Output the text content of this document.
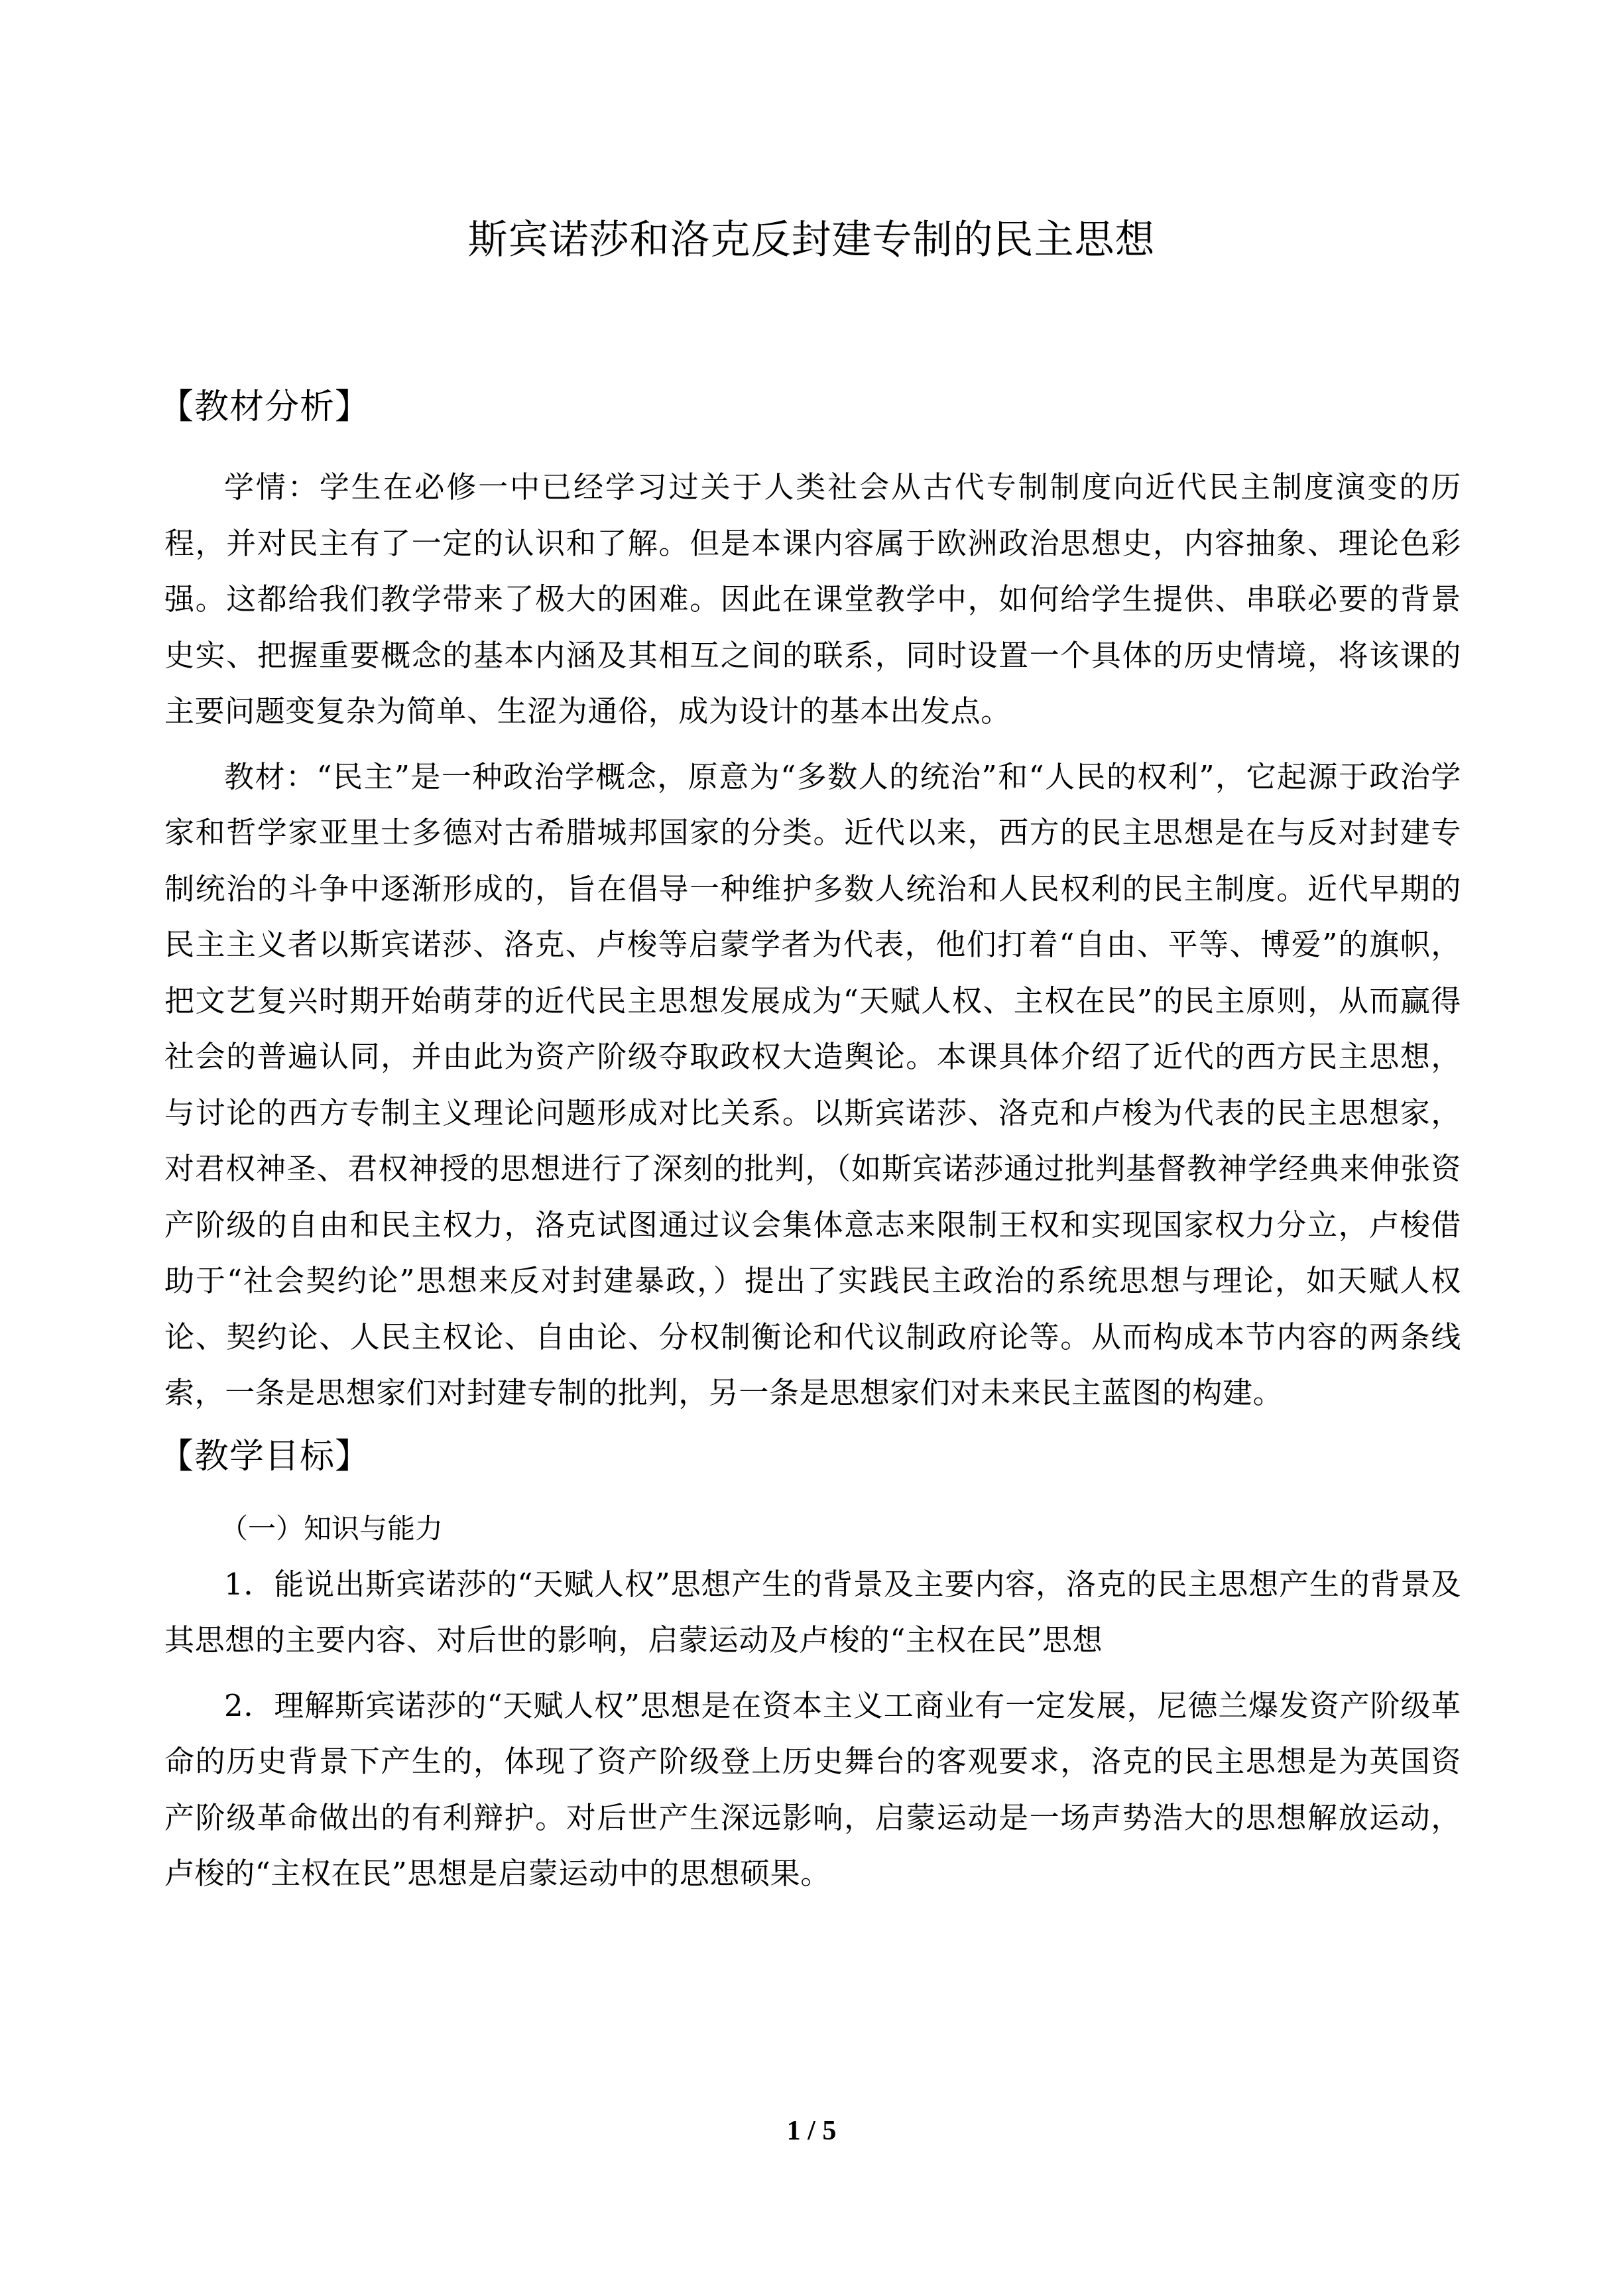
斯宾诺莎和洛克反封建专制的民主思想
【教材分析】

学情：学生在必修一中已经学习过关于人类社会从古代专制制度向近代民主制度演变的历程，并对民主有了一定的认识和了解。但是本课内容属于欧洲政治思想史，内容抽象、理论色彩强。这都给我们教学带来了极大的困难。因此在课堂教学中，如何给学生提供、串联必要的背景史实、把握重要概念的基本内涵及其相互之间的联系，同时设置一个具体的历史情境，将该课的主要问题变复杂为简单、生涩为通俗，成为设计的基本出发点。

教材：“民主”是一种政治学概念，原意为“多数人的统治”和“人民的权利”，它起源于政治学家和哲学家亚里士多德对古希腊城邦国家的分类。近代以来，西方的民主思想是在与反对封建专制统治的斗争中逐渐形成的，旨在倡导一种维护多数人统治和人民权利的民主制度。近代早期的民主主义者以斯宾诺莎、洛克、卢梭等启蒙学者为代表，他们打着“自由、平等、博爱”的旗帜，把文艺复兴时期开始萌芽的近代民主思想发展成为“天赋人权、主权在民”的民主原则，从而赢得社会的普遍认同，并由此为资产阶级夺取政权大造舆论。本课具体介绍了近代的西方民主思想，与讨论的西方专制主义理论问题形成对比关系。以斯宾诺莎、洛克和卢梭为代表的民主思想家，对君权神圣、君权神授的思想进行了深刻的批判，（如斯宾诺莎通过批判基督教神学经典来伸张资产阶级的自由和民主权力，洛克试图通过议会集体意志来限制王权和实现国家权力分立，卢梭借助于“社会契约论”思想来反对封建暴政，）提出了实践民主政治的系统思想与理论，如天赋人权论、契约论、人民主权论、自由论、分权制衡论和代议制政府论等。从而构成本节内容的两条线索，一条是思想家们对封建专制的批判，另一条是思想家们对未来民主蓝图的构建。

【教学目标】

（一）知识与能力

1．能说出斯宾诺莎的“天赋人权”思想产生的背景及主要内容，洛克的民主思想产生的背景及其思想的主要内容、对后世的影响，启蒙运动及卢梭的“主权在民”思想

2．理解斯宾诺莎的“天赋人权”思想是在资本主义工商业有一定发展，尼德兰爆发资产阶级革命的历史背景下产生的，体现了资产阶级登上历史舞台的客观要求，洛克的民主思想是为英国资产阶级革命做出的有利辩护。对后世产生深远影响，启蒙运动是一场声势浩大的思想解放运动，卢梭的“主权在民”思想是启蒙运动中的思想硕果。

1 / 5
